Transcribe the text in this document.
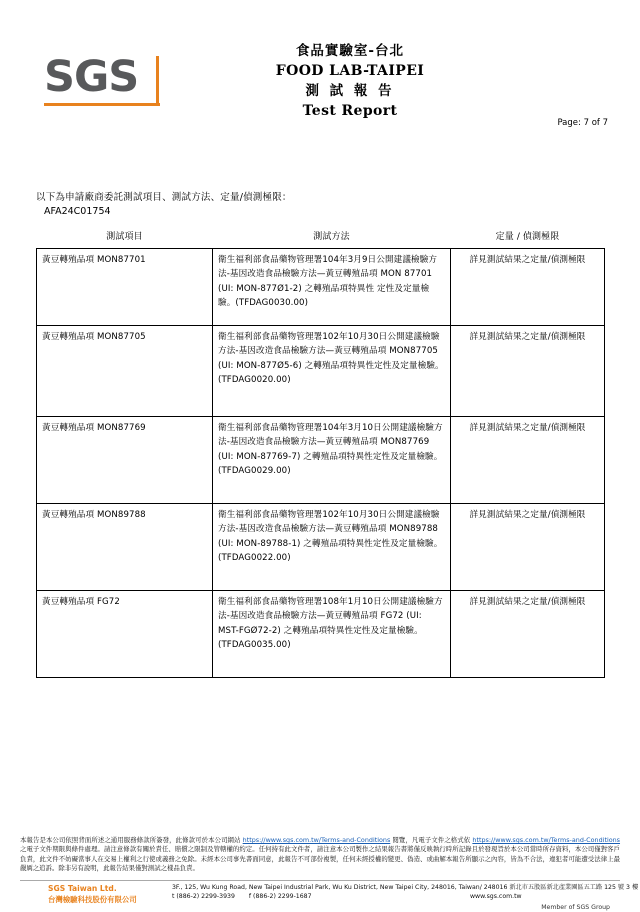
SGS
食品實驗室-台北
FOOD LAB-TAIPEI
測 試 報 告
Test Report
Page: 7 of 7
以下為申請廠商委託測試項目、測試方法、定量/偵測極限：
AFA24C01754
測試項目	測試方法	定量 / 偵測極限
黃豆轉殖品項 MON87701	衛生福利部食品藥物管理署104年3月9日公開建議檢驗方法-基因改造食品檢驗方法—黃豆轉殖品項 MON 87701 (UI: MON-877Ø1-2) 之轉殖品項特異性 定性及定量檢驗。(TFDAG0030.00)	詳見測試結果之定量/偵測極限
黃豆轉殖品項 MON87705	衛生福利部食品藥物管理署102年10月30日公開建議檢驗方法-基因改造食品檢驗方法—黃豆轉殖品項 MON87705 (UI: MON-877Ø5-6) 之轉殖品項特異性定性及定量檢驗。(TFDAG0020.00)	詳見測試結果之定量/偵測極限
黃豆轉殖品項 MON87769	衛生福利部食品藥物管理署104年3月10日公開建議檢驗方法-基因改造食品檢驗方法—黃豆轉殖品項 MON87769 (UI: MON-87769-7) 之轉殖品項特異性定性及定量檢驗。(TFDAG0029.00)	詳見測試結果之定量/偵測極限
黃豆轉殖品項 MON89788	衛生福利部食品藥物管理署102年10月30日公開建議檢驗方法-基因改造食品檢驗方法—黃豆轉殖品項 MON89788 (UI: MON-89788-1) 之轉殖品項特異性定性及定量檢驗。(TFDAG0022.00)	詳見測試結果之定量/偵測極限
黃豆轉殖品項 FG72	衛生福利部食品藥物管理署108年1月10日公開建議檢驗方法-基因改造食品檢驗方法—黃豆轉殖品項 FG72 (UI: MST-FGØ72-2) 之轉殖品項特異性定性及定量檢驗。(TFDAG0035.00)	詳見測試結果之定量/偵測極限
本報告是本公司依照背面所述之通用服務條款所簽發，此條款可於本公司網站 https://www.sgs.com.tw/Terms-and-Conditions 閱覽，凡電子文件之格式依 https://www.sgs.com.tw/Terms-and-Conditions 之電子文件期限與條件處理。請注意條款有關於責任、賠償之限制及管轄權的約定。任何持有此文件者，請注意本公司製作之結果報告書將僅反映執行時所記錄且於發現旨於本公司當時所存資料，本公司僅對客戶負責，此文件不妨礙當事人在交易上權利之行使或義務之免除。未經本公司事先書面同意，此報告不可部份複製，任何未經授權的變更、偽造、或曲解本報告所顯示之內容，皆為不合法，違犯者可能遭受法律上最嚴厲之追訴。除非另有說明，此報告結果僅對測試之樣品負責。
SGS Taiwan Ltd.
台灣檢驗科技股份有限公司
3F., 125, Wu Kung Road, New Taipei Industrial Park, Wu Ku District, New Taipei City, 248016, Taiwan/ 248016 新北市五股區新北產業園區五工路 125 號 3 樓
t (886-2) 2299-3939 f (886-2) 2299-1687	www.sgs.com.tw
Member of SGS Group
